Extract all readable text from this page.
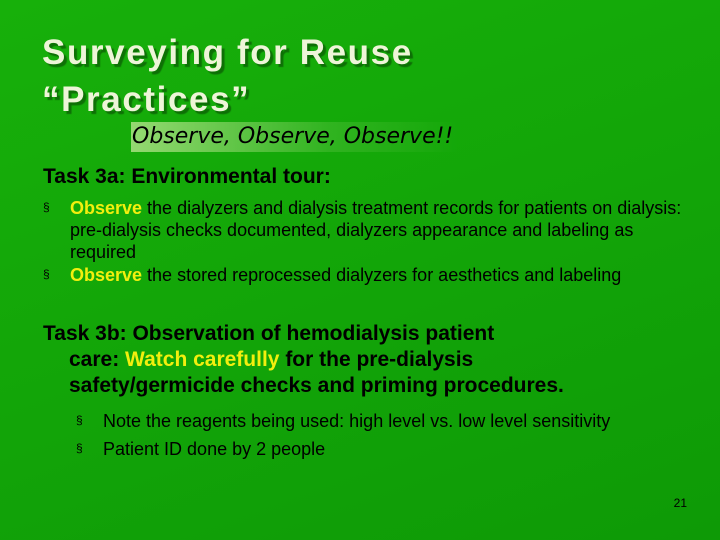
Surveying for Reuse
“Practices”
Observe, Observe, Observe!!
Task 3a: Environmental tour:
§ Observe the dialyzers and dialysis treatment records for patients on dialysis: pre-dialysis checks documented, dialyzers appearance and labeling as required
§ Observe the stored reprocessed dialyzers for aesthetics and labeling
Task 3b: Observation of hemodialysis patient
care: Watch carefully for the pre-dialysis
safety/germicide checks and priming procedures.
§ Note the reagents being used: high level vs. low level sensitivity
§ Patient ID done by 2 people
21
